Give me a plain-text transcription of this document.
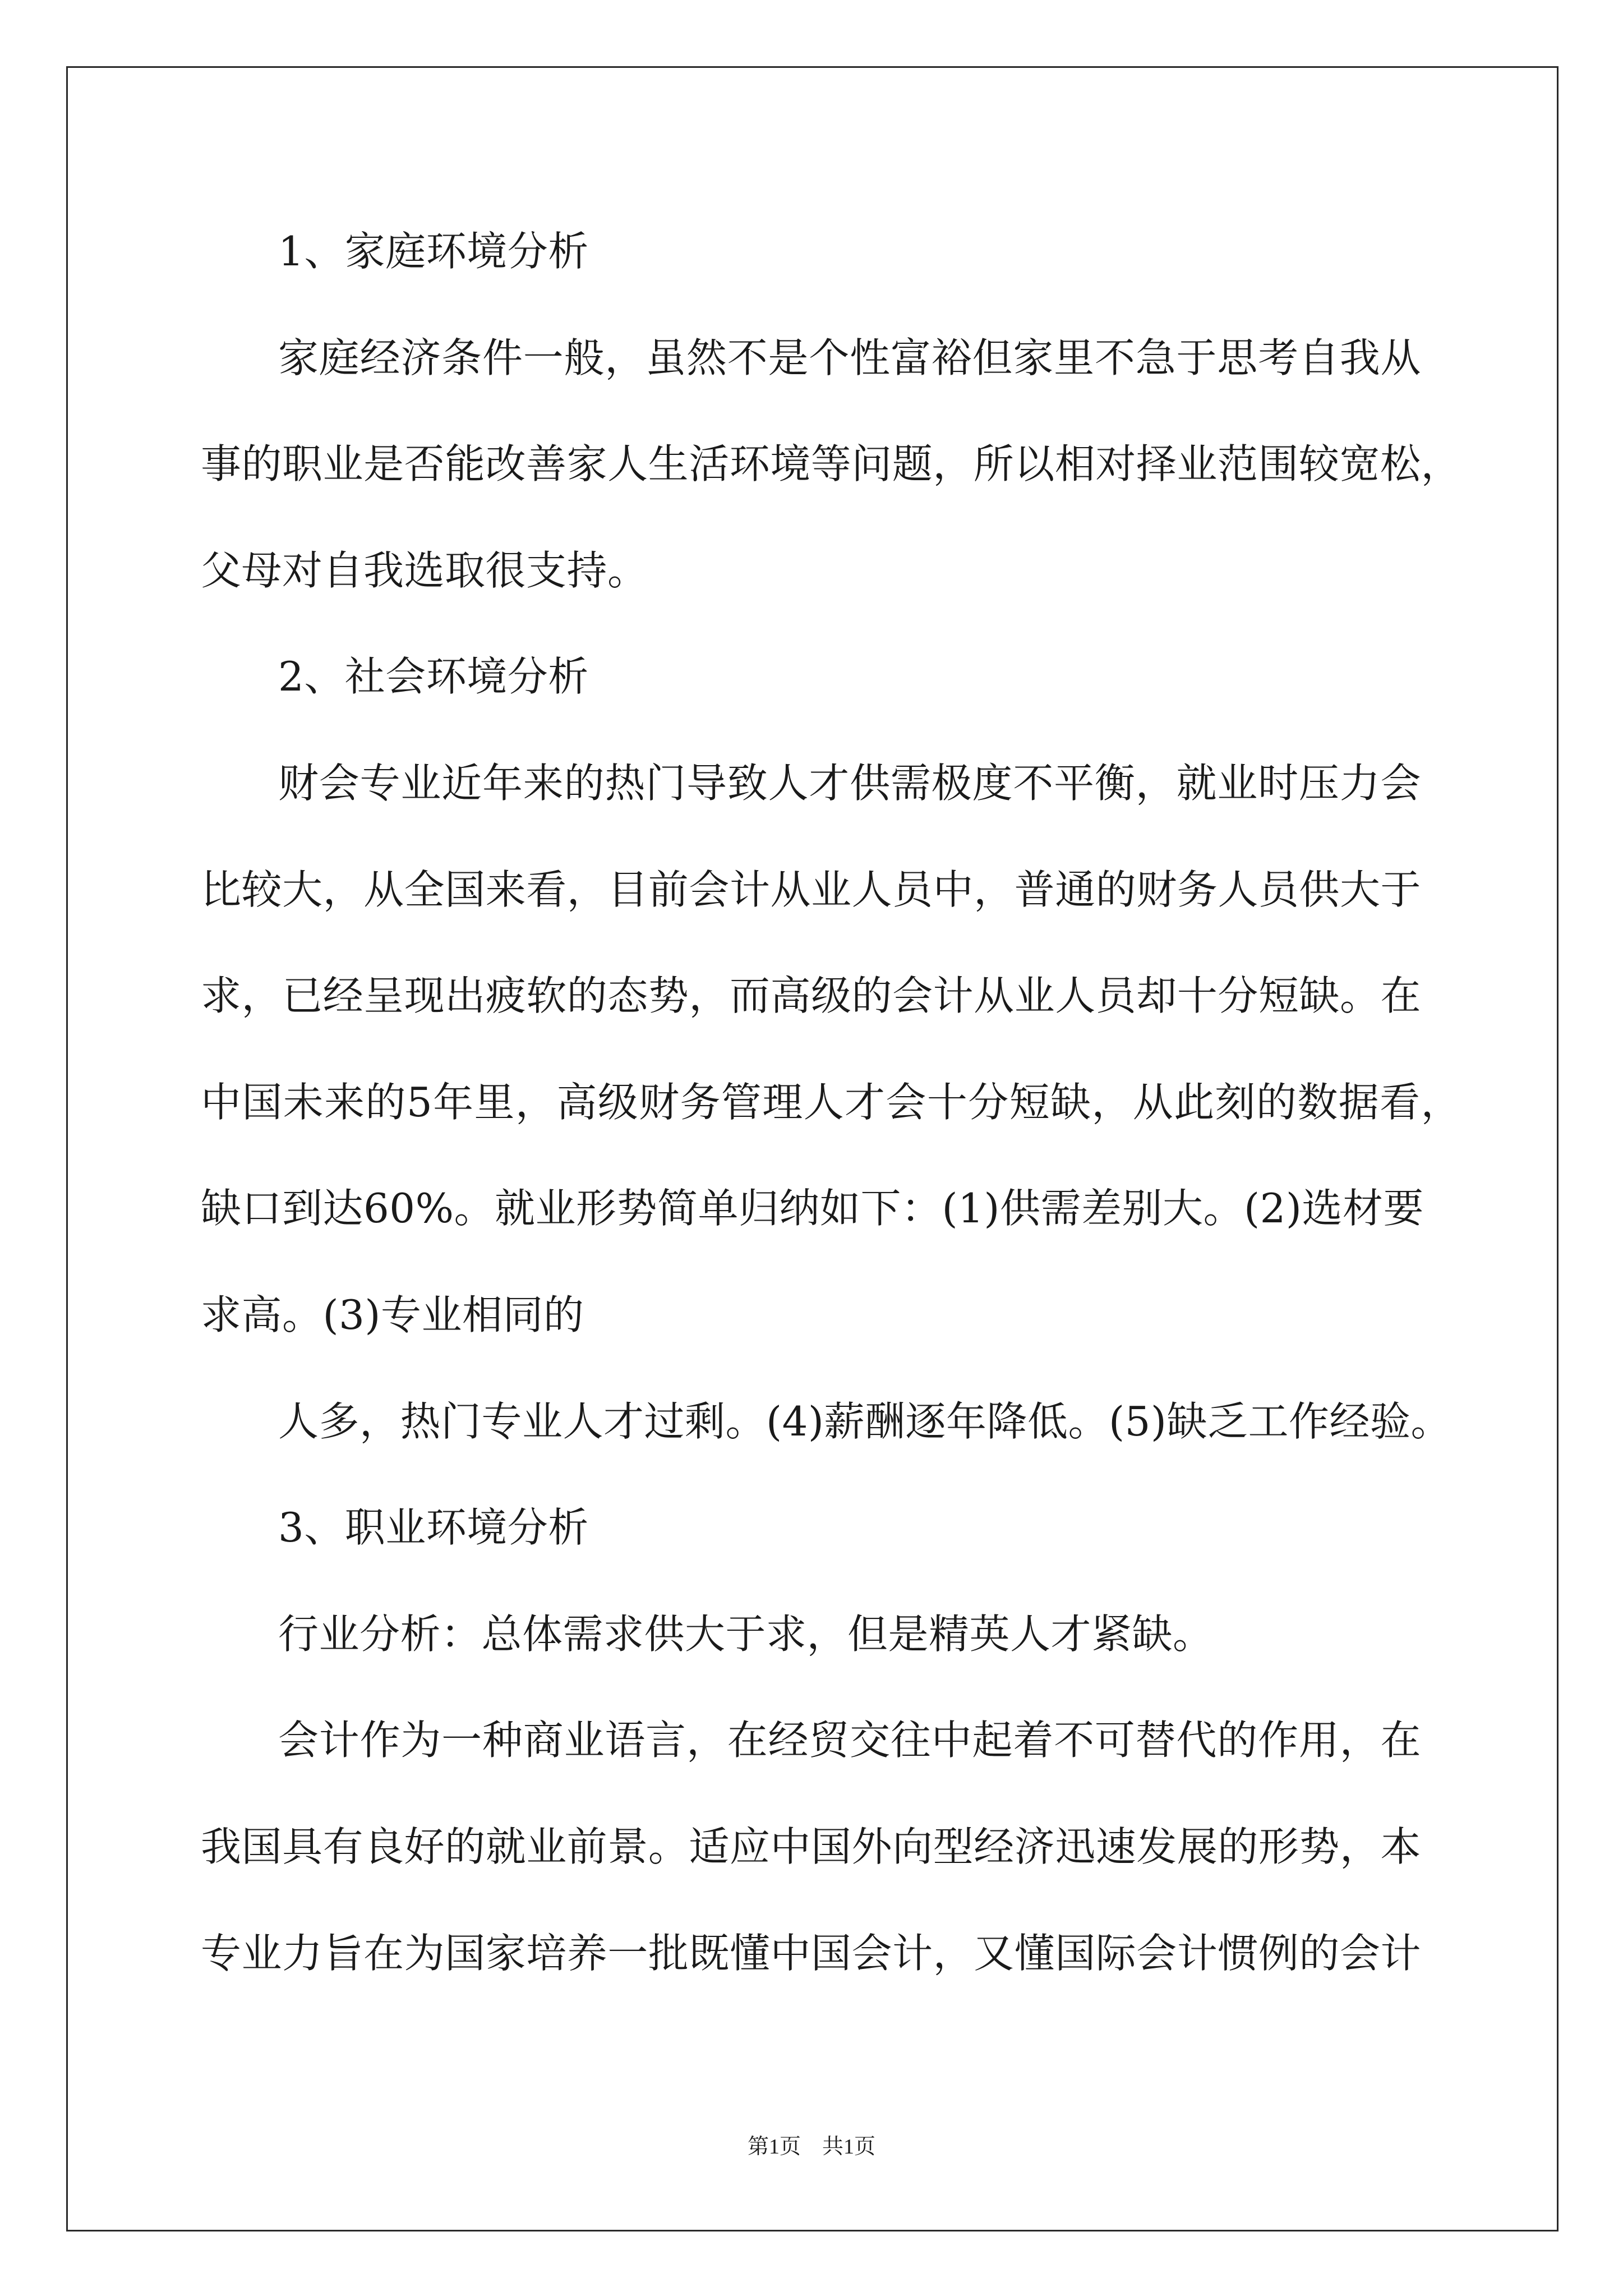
1、家庭环境分析
家庭经济条件一般，虽然不是个性富裕但家里不急于思考自我从
事的职业是否能改善家人生活环境等问题，所以相对择业范围较宽松，
父母对自我选取很支持。
2、社会环境分析
财会专业近年来的热门导致人才供需极度不平衡，就业时压力会
比较大，从全国来看，目前会计从业人员中，普通的财务人员供大于
求，已经呈现出疲软的态势，而高级的会计从业人员却十分短缺。在
中国未来的5年里，高级财务管理人才会十分短缺，从此刻的数据看，
缺口到达60%。就业形势简单归纳如下：(1)供需差别大。(2)选材要
求高。(3)专业相同的
人多，热门专业人才过剩。(4)薪酬逐年降低。(5)缺乏工作经验。
3、职业环境分析
行业分析：总体需求供大于求，但是精英人才紧缺。
会计作为一种商业语言，在经贸交往中起着不可替代的作用，在
我国具有良好的就业前景。适应中国外向型经济迅速发展的形势，本
专业力旨在为国家培养一批既懂中国会计，又懂国际会计惯例的会计
第1页　共1页
